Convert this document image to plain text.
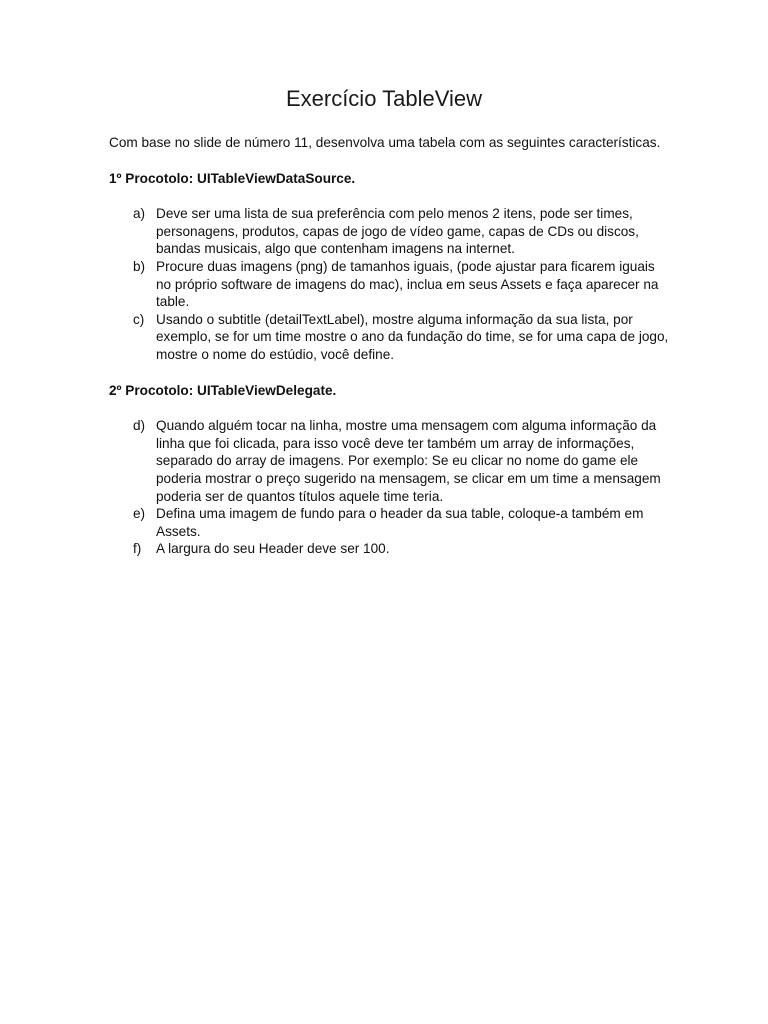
Exercício TableView

Com base no slide de número 11, desenvolva uma tabela com as seguintes características.

1º Procotolo: UITableViewDataSource.

a) Deve ser uma lista de sua preferência com pelo menos 2 itens, pode ser times, personagens, produtos, capas de jogo de vídeo game, capas de CDs ou discos, bandas musicais, algo que contenham imagens na internet.
b) Procure duas imagens (png) de tamanhos iguais, (pode ajustar para ficarem iguais no próprio software de imagens do mac), inclua em seus Assets e faça aparecer na table.
c) Usando o subtitle (detailTextLabel), mostre alguma informação da sua lista, por exemplo, se for um time mostre o ano da fundação do time, se for uma capa de jogo, mostre o nome do estúdio, você define.

2º Procotolo: UITableViewDelegate.

d) Quando alguém tocar na linha, mostre uma mensagem com alguma informação da linha que foi clicada, para isso você deve ter também um array de informações, separado do array de imagens. Por exemplo: Se eu clicar no nome do game ele poderia mostrar o preço sugerido na mensagem, se clicar em um time a mensagem poderia ser de quantos títulos aquele time teria.
e) Defina uma imagem de fundo para o header da sua table, coloque-a também em Assets.
f) A largura do seu Header deve ser 100.
